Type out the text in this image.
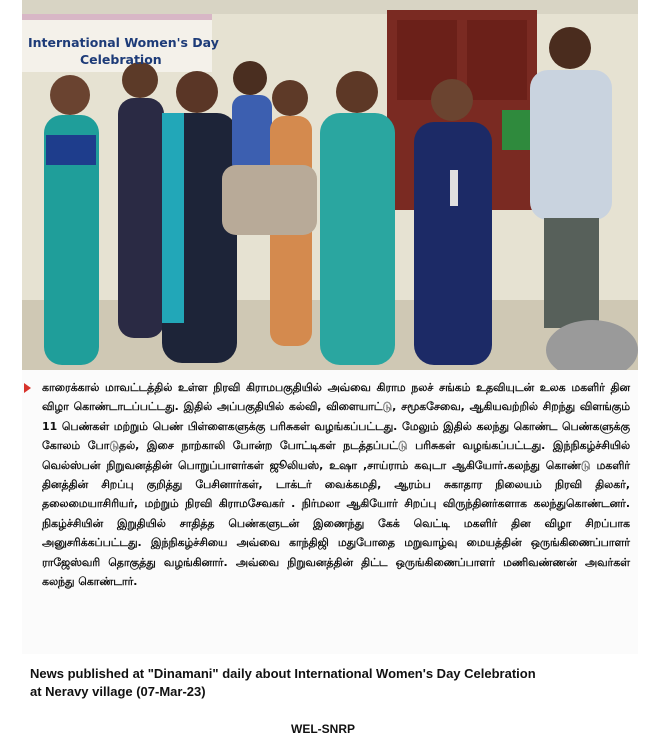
International Women's Day
Celebration

காரைக்கால் மாவட்டத்தில் உள்ள நிரவி கிராமபகுதியில் அவ்வை கிராம நலச் சங்கம் உதவியுடன் உலக மகளிர் தின விழா கொண்டாடப்பட்டது. இதில் அப்பகுதியில் கல்வி, விளையாட்டு, சமூகசேவை, ஆகியவற்றில் சிறந்து விளங்கும் 11 பெண்கள் மற்றும் பெண் பிள்ளைகளுக்கு பரிசுகள் வழங்கப்பட்டது. மேலும் இதில் கலந்து கொண்ட பெண்களுக்கு கோலம் போடுதல், இசை நாற்காலி போன்ற போட்டிகள் நடத்தப்பட்டு பரிசுகள் வழங்கப்பட்டது. இந்நிகழ்ச்சியில் வெல்ஸ்பன் நிறுவனத்தின் பொறுப்பாளர்கள் ஜூலியஸ், உஷா ,சாய்ராம் கவுடா ஆகியோர்.கலந்து கொண்டு மகளிர் தினத்தின் சிறப்பு குறித்து பேசினார்கள், டாக்டர் வைக்கமதி, ஆரம்ப சுகாதார நிலையம் நிரவி திலகர், தலைமையாசிரியர், மற்றும் நிரவி கிராமசேவகர் . நிர்மலா ஆகியோர் சிறப்பு விருந்தினர்களாக கலந்துகொண்டனர். நிகழ்ச்சியின் இறுதியில் சாதித்த பெண்களுடன் இணைந்து கேக் வெட்டி மகளிர் தின விழா சிறப்பாக அனுசரிக்கப்பட்டது. இந்நிகழ்ச்சியை அவ்வை காந்திஜி மதுபோதை மறுவாழ்வு மையத்தின் ஒருங்கிணைப்பாளர் ராஜேஸ்வரி தொகுத்து வழங்கினார். அவ்வை நிறுவனத்தின் திட்ட ஒருங்கிணைப்பாளர் மணிவண்ணன் அவர்கள் கலந்து கொண்டார்.

News published at "Dinamani" daily about International Women's Day Celebration
at Neravy village (07-Mar-23)
WEL-SNRP
